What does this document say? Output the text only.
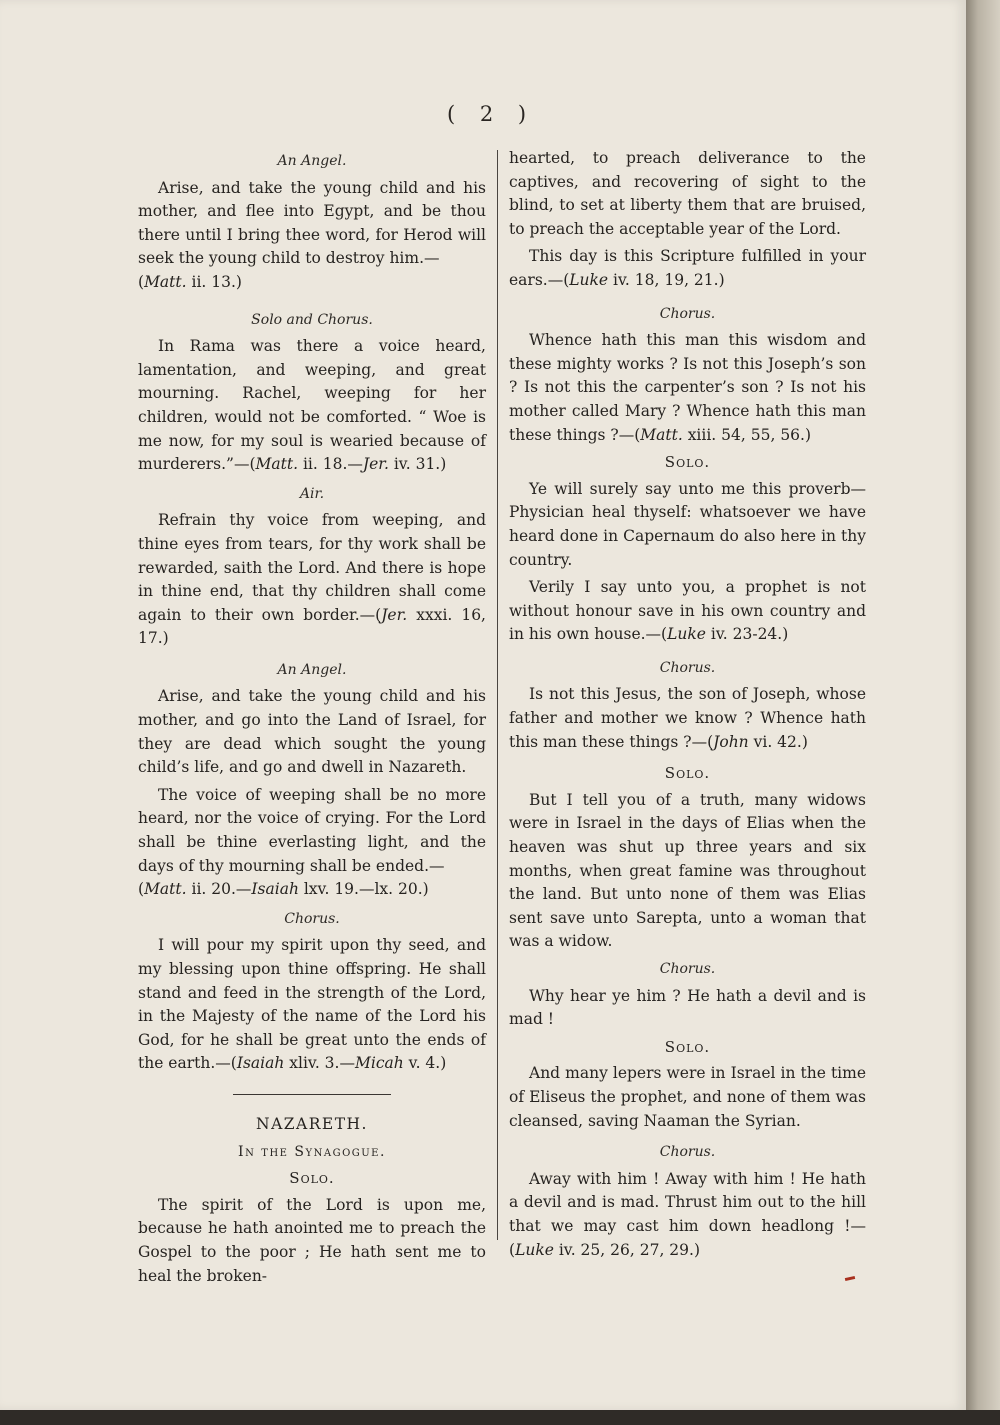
( 2 )
An Angel.

Arise, and take the young child and his mother, and flee into Egypt, and be thou there until I bring thee word, for Herod will seek the young child to destroy him.—
(Matt. ii. 13.)

Solo and Chorus.

In Rama was there a voice heard, lamentation, and weeping, and great mourning. Rachel, weeping for her children, would not be comforted. “ Woe is me now, for my soul is wearied because of murderers.”—(Matt. ii. 18.—Jer. iv. 31.)

Air.

Refrain thy voice from weeping, and thine eyes from tears, for thy work shall be rewarded, saith the Lord. And there is hope in thine end, that thy children shall come again to their own border.—(Jer. xxxi. 16, 17.)

An Angel.

Arise, and take the young child and his mother, and go into the Land of Israel, for they are dead which sought the young child’s life, and go and dwell in Nazareth.

The voice of weeping shall be no more heard, nor the voice of crying. For the Lord shall be thine everlasting light, and the days of thy mourning shall be ended.—
(Matt. ii. 20.—Isaiah lxv. 19.—lx. 20.)

Chorus.

I will pour my spirit upon thy seed, and my blessing upon thine offspring. He shall stand and feed in the strength of the Lord, in the Majesty of the name of the Lord his God, for he shall be great unto the ends of the earth.—(Isaiah xliv. 3.—Micah v. 4.)

NAZARETH.
In the Synagogue.
Solo.

The spirit of the Lord is upon me, because he hath anointed me to preach the Gospel to the poor ; He hath sent me to heal the broken-

hearted, to preach deliverance to the captives, and recovering of sight to the blind, to set at liberty them that are bruised, to preach the acceptable year of the Lord.

This day is this Scripture fulfilled in your ears.—(Luke iv. 18, 19, 21.)

Chorus.

Whence hath this man this wisdom and these mighty works ? Is not this Joseph’s son ? Is not this the carpenter’s son ? Is not his mother called Mary ? Whence hath this man these things ?—(Matt. xiii. 54, 55, 56.)

Solo.

Ye will surely say unto me this proverb—Physician heal thyself: whatsoever we have heard done in Capernaum do also here in thy country.

Verily I say unto you, a prophet is not without honour save in his own country and in his own house.—(Luke iv. 23-24.)

Chorus.

Is not this Jesus, the son of Joseph, whose father and mother we know ? Whence hath this man these things ?—(John vi. 42.)

Solo.

But I tell you of a truth, many widows were in Israel in the days of Elias when the heaven was shut up three years and six months, when great famine was throughout the land. But unto none of them was Elias sent save unto Sarepta, unto a woman that was a widow.

Chorus.

Why hear ye him ? He hath a devil and is mad !

Solo.

And many lepers were in Israel in the time of Eliseus the prophet, and none of them was cleansed, saving Naaman the Syrian.

Chorus.

Away with him ! Away with him ! He hath a devil and is mad. Thrust him out to the hill that we may cast him down headlong !—(Luke iv. 25, 26, 27, 29.)
